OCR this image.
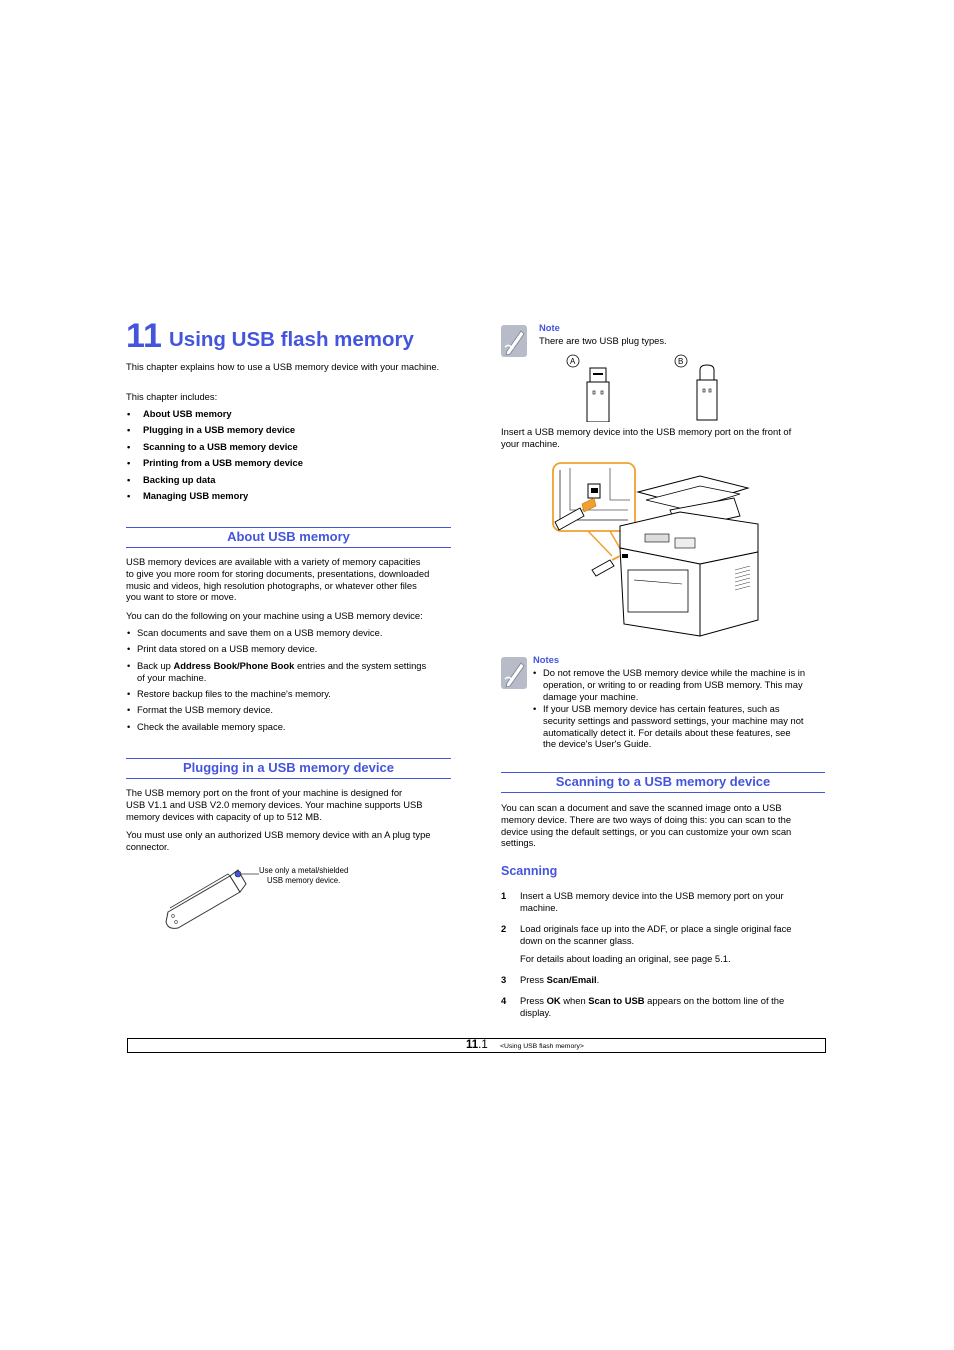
11 Using USB flash memory
This chapter explains how to use a USB memory device with your machine.
This chapter includes:
• About USB memory
• Plugging in a USB memory device
• Scanning to a USB memory device
• Printing from a USB memory device
• Backing up data
• Managing USB memory
About USB memory
USB memory devices are available with a variety of memory capacities
to give you more room for storing documents, presentations, downloaded
music and videos, high resolution photographs, or whatever other files
you want to store or move.
You can do the following on your machine using a USB memory device:
• Scan documents and save them on a USB memory device.
• Print data stored on a USB memory device.
• Back up Address Book/Phone Book entries and the system settings
of your machine.
• Restore backup files to the machine's memory.
• Format the USB memory device.
• Check the available memory space.
Plugging in a USB memory device
The USB memory port on the front of your machine is designed for
USB V1.1 and USB V2.0 memory devices. Your machine supports USB
memory devices with capacity of up to 512 MB.
You must use only an authorized USB memory device with an A plug type
connector.
Use only a metal/shielded
USB memory device.
Note
There are two USB plug types.
A	B
Insert a USB memory device into the USB memory port on the front of
your machine.
Notes
• Do not remove the USB memory device while the machine is in
operation, or writing to or reading from USB memory. This may
damage your machine.
• If your USB memory device has certain features, such as
security settings and password settings, your machine may not
automatically detect it. For details about these features, see
the device's User's Guide.
Scanning to a USB memory device
You can scan a document and save the scanned image onto a USB
memory device. There are two ways of doing this: you can scan to the
device using the default settings, or you can customize your own scan
settings.
Scanning
1 Insert a USB memory device into the USB memory port on your
machine.
2 Load originals face up into the ADF, or place a single original face
down on the scanner glass.
For details about loading an original, see page 5.1.
3 Press Scan/Email.
4 Press OK when Scan to USB appears on the bottom line of the
display.
11.1 <Using USB flash memory>
